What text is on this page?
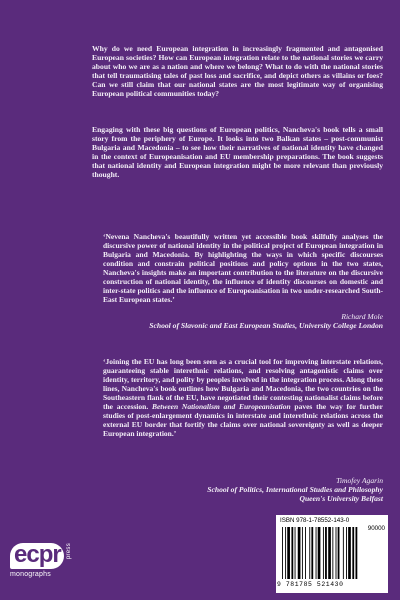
Why do we need European integration in increasingly fragmented and antagonised European societies? How can European integration relate to the national stories we carry about who we are as a nation and where we belong? What to do with the national stories that tell traumatising tales of past loss and sacrifice, and depict others as villains or foes? Can we still claim that our national states are the most legitimate way of organising European political communities today?

Engaging with these big questions of European politics, Nancheva's book tells a small story from the periphery of Europe. It looks into two Balkan states – post-communist Bulgaria and Macedonia – to see how their narratives of national identity have changed in the context of Europeanisation and EU membership preparations. The book suggests that national identity and European integration might be more relevant than previously thought.

‘Nevena Nancheva's beautifully written yet accessible book skilfully analyses the discursive power of national identity in the political project of European integration in Bulgaria and Macedonia. By highlighting the ways in which specific discourses condition and constrain political positions and policy options in the two states, Nancheva's insights make an important contribution to the literature on the discursive construction of national identity, the influence of identity discourses on domestic and inter-state politics and the influence of Europeanisation in two under-researched South-East European states.’

Richard Mole
School of Slavonic and East European Studies, University College London

‘Joining the EU has long been seen as a crucial tool for improving interstate relations, guaranteeing stable interethnic relations, and resolving antagonistic claims over identity, territory, and polity by peoples involved in the integration process. Along these lines, Nancheva's book outlines how Bulgaria and Macedonia, the two countries on the Southeastern flank of the EU, have negotiated their contesting nationalist claims before the accession. Between Nationalism and Europeanisation paves the way for further studies of post-enlargement dynamics in interstate and interethnic relations across the external EU border that fortify the claims over national sovereignty as well as deeper European integration.’

Timofey Agarin
School of Politics, International Studies and Philosophy
Queen's University Belfast
ecpr press
monographs
ISBN 978-1-78552-143-0
90000
9 781785 521430
